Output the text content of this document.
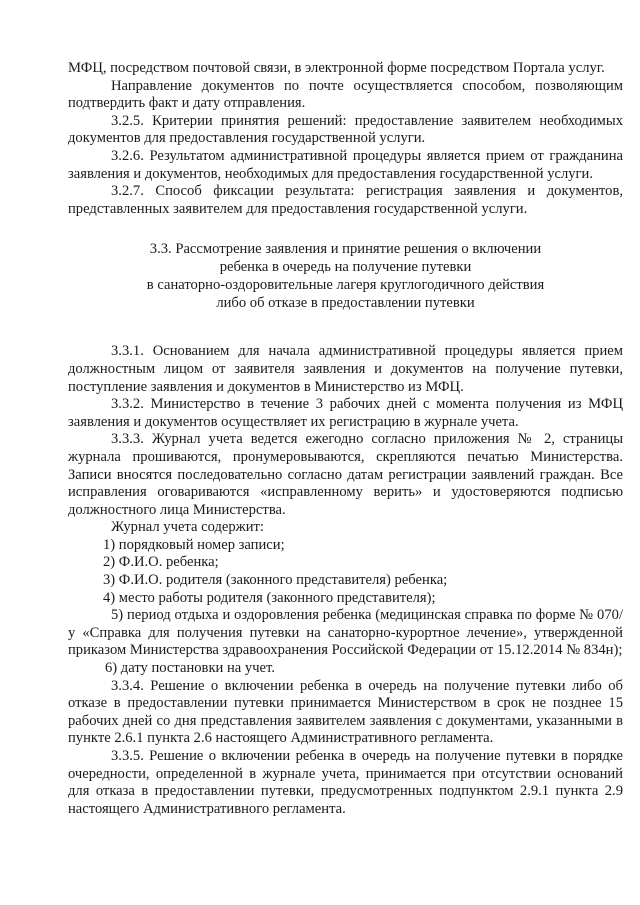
МФЦ, посредством почтовой связи, в электронной форме посредством Портала услуг.

Направление документов по почте осуществляется способом, позволяющим подтвердить факт и дату отправления.

3.2.5. Критерии принятия решений: предоставление заявителем необходимых документов для предоставления государственной услуги.

3.2.6. Результатом административной процедуры является прием от гражданина заявления и документов, необходимых для предоставления государственной услуги.

3.2.7. Способ фиксации результата: регистрация заявления и документов, представленных заявителем для предоставления государственной услуги.

3.3. Рассмотрение заявления и принятие решения о включении
ребенка в очередь на получение путевки
в санаторно-оздоровительные лагеря круглогодичного действия
либо об отказе в предоставлении путевки

3.3.1. Основанием для начала административной процедуры является прием должностным лицом от заявителя заявления и документов на получение путевки, поступление заявления и документов в Министерство из МФЦ.

3.3.2. Министерство в течение 3 рабочих дней с момента получения из МФЦ заявления и документов осуществляет их регистрацию в журнале учета.

3.3.3. Журнал учета ведется ежегодно согласно приложения № 2, страницы журнала прошиваются, пронумеровываются, скрепляются печатью Министерства. Записи вносятся последовательно согласно датам регистрации заявлений граждан. Все исправления оговариваются «исправленному верить» и удостоверяются подписью должностного лица Министерства.

Журнал учета содержит:

1) порядковый номер записи;

2) Ф.И.О. ребенка;

3) Ф.И.О. родителя (законного представителя) ребенка;

4) место работы родителя (законного представителя);

5) период отдыха и оздоровления ребенка (медицинская справка по форме № 070/у «Справка для получения путевки на санаторно-курортное лечение», утвержденной приказом Министерства здравоохранения Российской Федерации от 15.12.2014 № 834н);

6) дату постановки на учет.

3.3.4. Решение о включении ребенка в очередь на получение путевки либо об отказе в предоставлении путевки принимается Министерством в срок не позднее 15 рабочих дней со дня представления заявителем заявления с документами, указанными в пункте 2.6.1 пункта 2.6 настоящего Административного регламента.

3.3.5. Решение о включении ребенка в очередь на получение путевки в порядке очередности, определенной в журнале учета, принимается при отсутствии оснований для отказа в предоставлении путевки, предусмотренных подпунктом 2.9.1 пункта 2.9 настоящего Административного регламента.
